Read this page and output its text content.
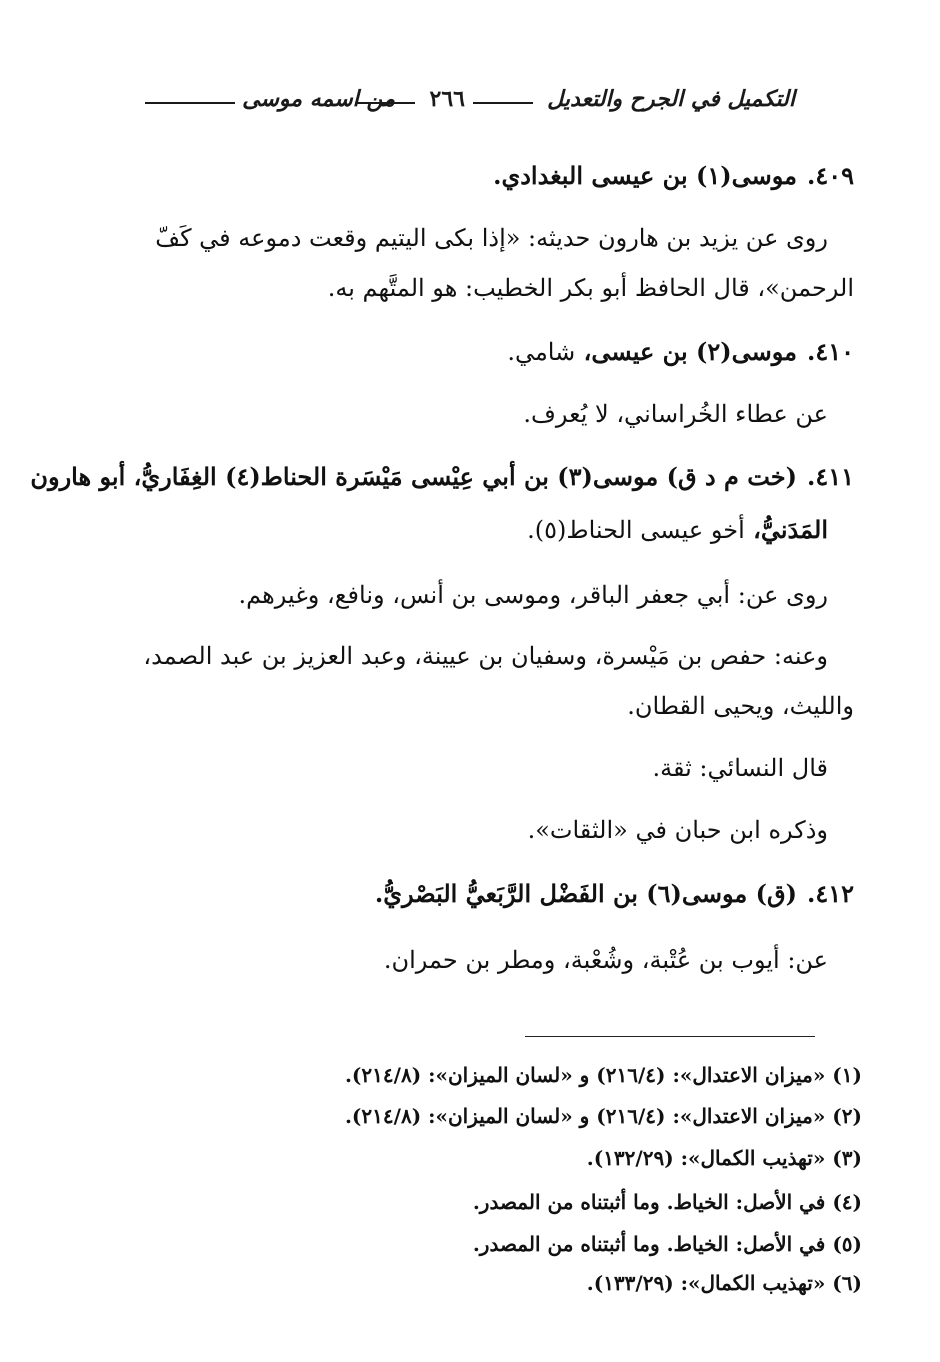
التكميل في الجرح والتعديل
٢٦٦
من اسمه موسى
٤٠٩.موسى(١) بن عيسى البغدادي.
روى عن يزيد بن هارون حديثه: «إذا بكى اليتيم وقعت دموعه في كَفّ
الرحمن»، قال الحافظ أبو بكر الخطيب: هو المتَّهم به.
٤١٠.موسى(٢) بن عيسى، شامي.
عن عطاء الخُراساني، لا يُعرف.
٤١١.(خت م د ق) موسى(٣) بن أبي عِيْسى مَيْسَرة الحناط(٤) الغِفَاريُّ، أبو هارون
المَدَنيُّ، أخو عيسى الحناط(٥).
روى عن: أبي جعفر الباقر، وموسى بن أنس، ونافع، وغيرهم.
وعنه: حفص بن مَيْسرة، وسفيان بن عيينة، وعبد العزيز بن عبد الصمد،
والليث، ويحيى القطان.
قال النسائي: ثقة.
وذكره ابن حبان في «الثقات».
٤١٢.(ق) موسى(٦) بن الفَضْل الرَّبَعيُّ البَصْريُّ.
عن: أيوب بن عُتْبة، وشُعْبة، ومطر بن حمران.
(١) «ميزان الاعتدال»: (٢١٦/٤) و «لسان الميزان»: (٢١٤/٨).
(٢) «ميزان الاعتدال»: (٢١٦/٤) و «لسان الميزان»: (٢١٤/٨).
(٣) «تهذيب الكمال»: (١٣٢/٢٩).
(٤) في الأصل: الخياط. وما أثبتناه من المصدر.
(٥) في الأصل: الخياط. وما أثبتناه من المصدر.
(٦) «تهذيب الكمال»: (١٣٣/٢٩).
